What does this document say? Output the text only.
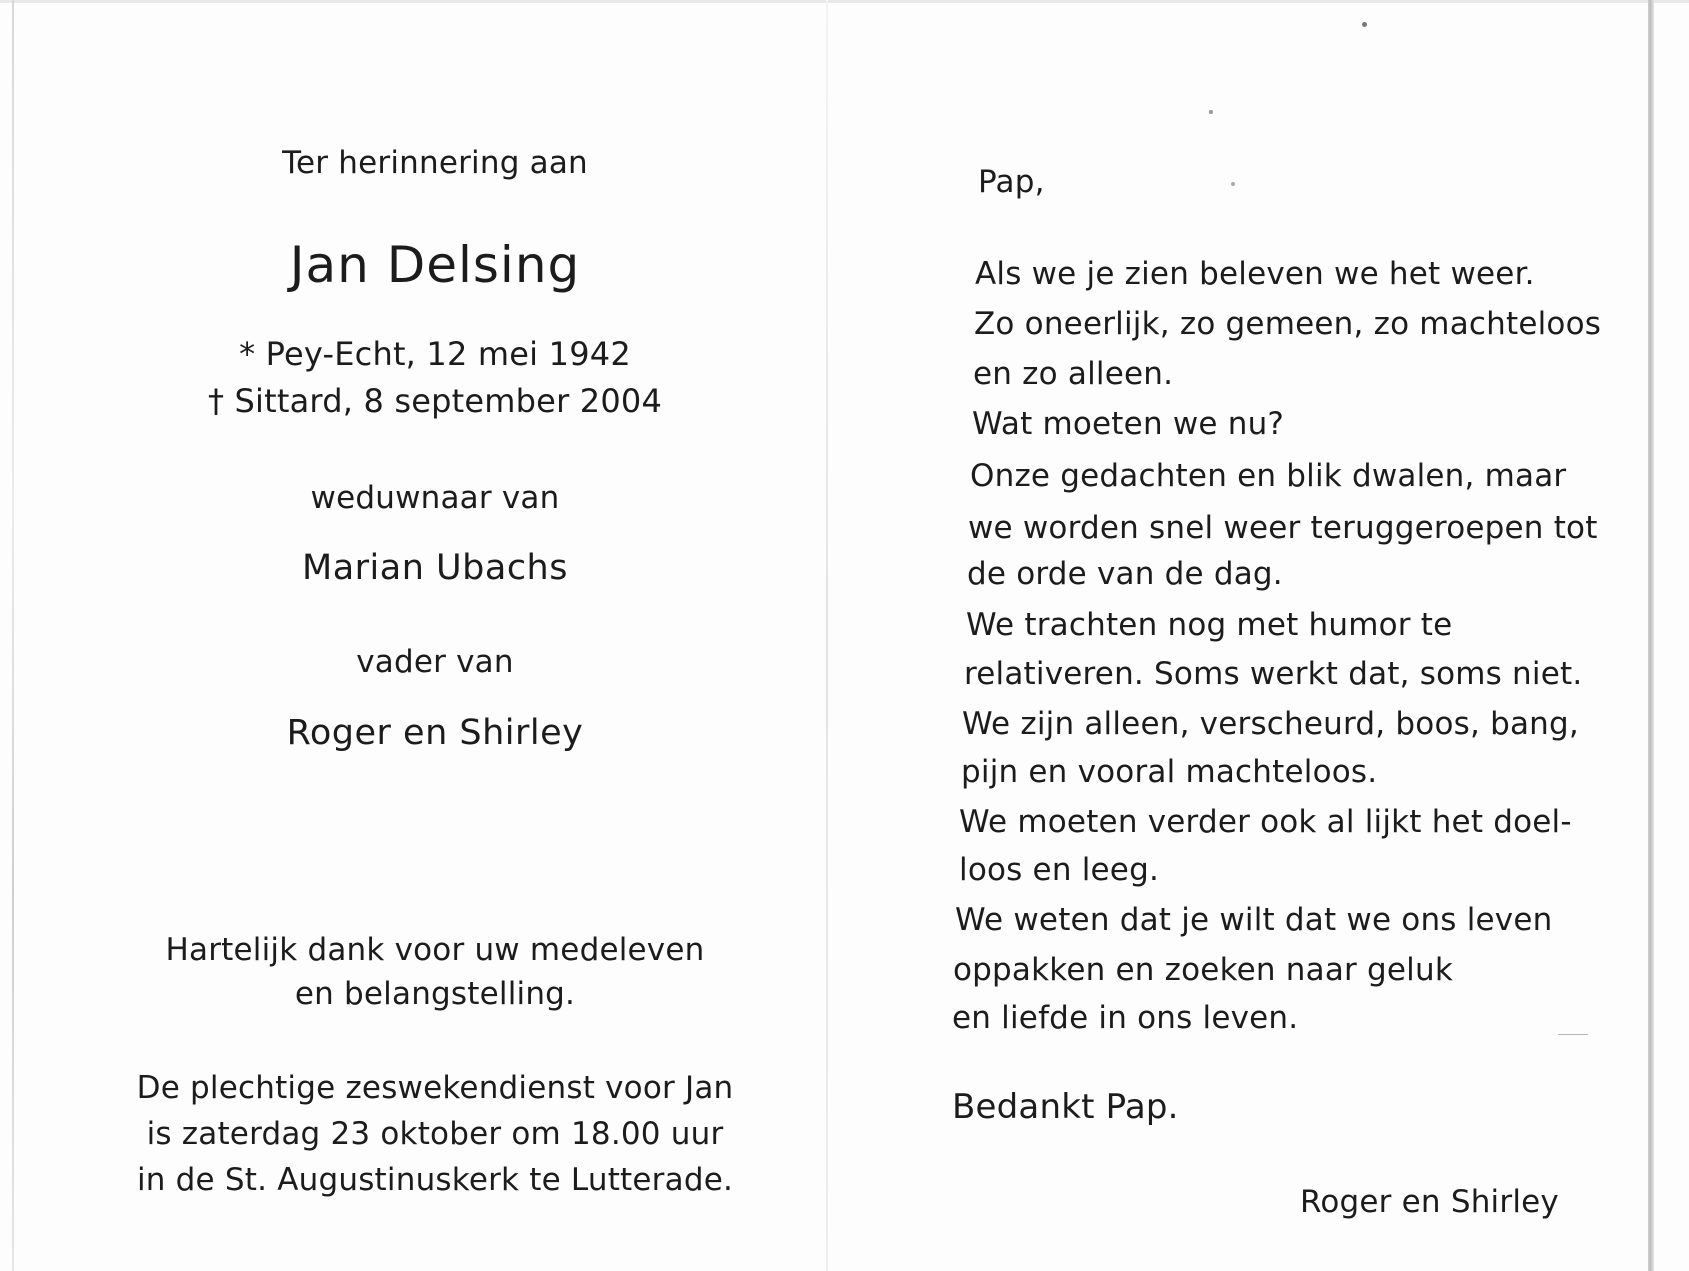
Ter herinnering aan
Jan Delsing
* Pey-Echt, 12 mei 1942
† Sittard, 8 september 2004
weduwnaar van
Marian Ubachs
vader van
Roger en Shirley
Hartelijk dank voor uw medeleven
en belangstelling.
De plechtige zeswekendienst voor Jan
is zaterdag 23 oktober om 18.00 uur
in de St. Augustinuskerk te Lutterade.
Pap,
Als we je zien beleven we het weer.
Zo oneerlijk, zo gemeen, zo machteloos
en zo alleen.
Wat moeten we nu?
Onze gedachten en blik dwalen, maar
we worden snel weer teruggeroepen tot
de orde van de dag.
We trachten nog met humor te
relativeren. Soms werkt dat, soms niet.
We zijn alleen, verscheurd, boos, bang,
pijn en vooral machteloos.
We moeten verder ook al lijkt het doel-
loos en leeg.
We weten dat je wilt dat we ons leven
oppakken en zoeken naar geluk
en liefde in ons leven.
Bedankt Pap.
Roger en Shirley
